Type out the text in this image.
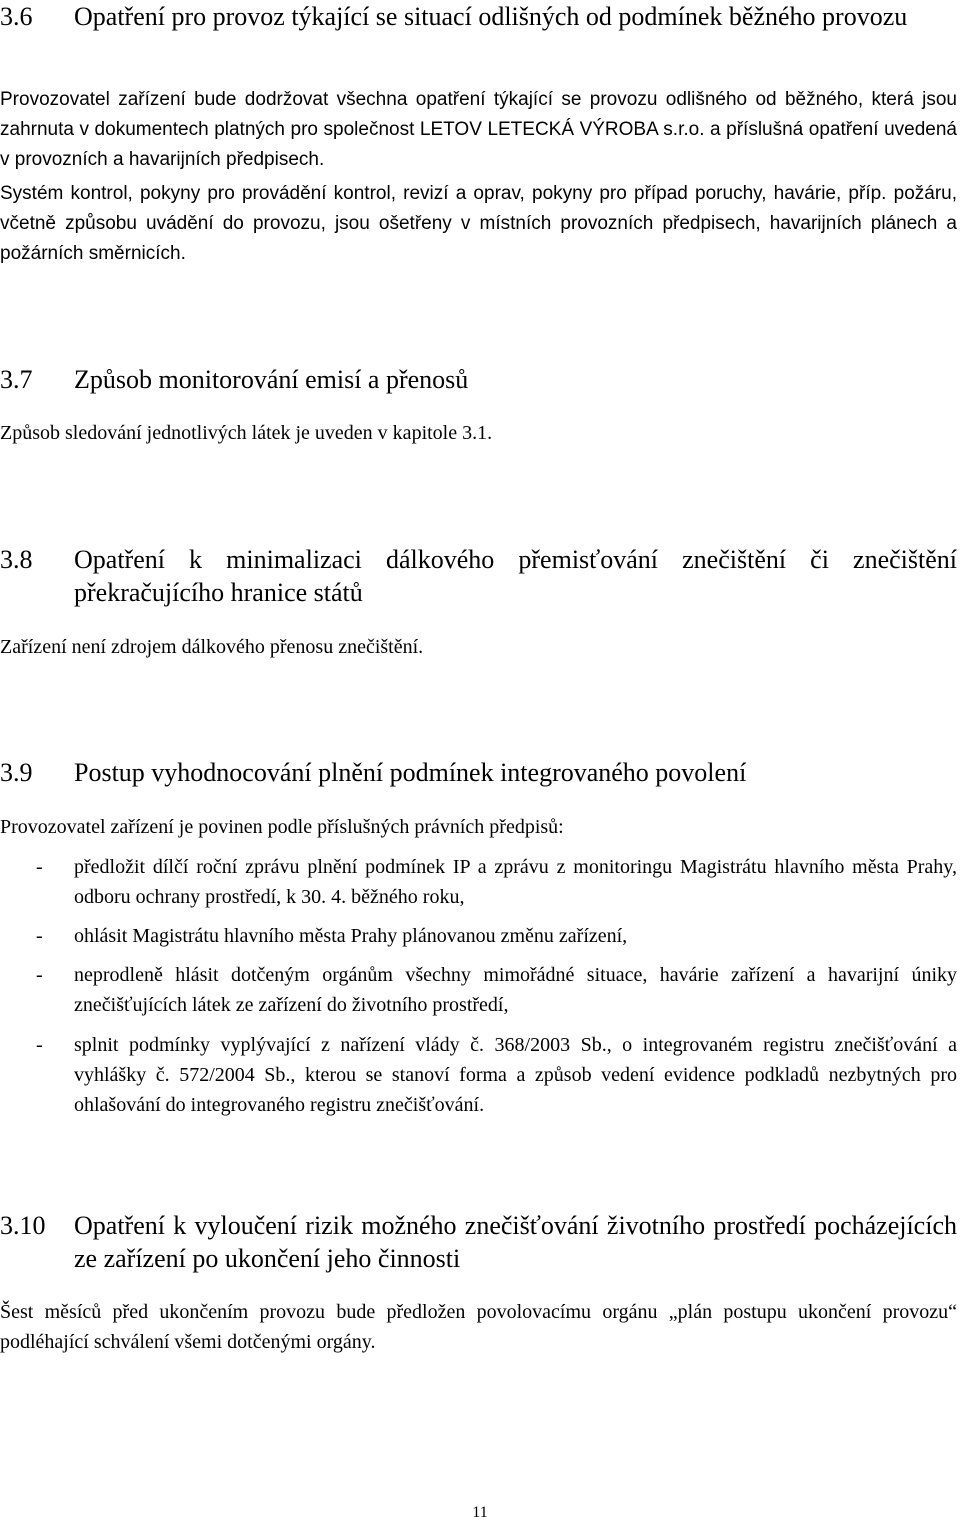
3.6	Opatření pro provoz týkající se situací odlišných od podmínek běžného provozu
Provozovatel zařízení bude dodržovat všechna opatření týkající se provozu odlišného od běžného, která jsou zahrnuta v dokumentech platných pro společnost LETOV LETECKÁ VÝROBA s.r.o. a příslušná opatření uvedená v provozních a havarijních předpisech.
Systém kontrol, pokyny pro provádění kontrol, revizí a oprav, pokyny pro případ poruchy, havárie, příp. požáru, včetně způsobu uvádění do provozu, jsou ošetřeny v místních provozních předpisech, havarijních plánech a požárních směrnicích.
3.7	Způsob monitorování emisí a přenosů
Způsob sledování jednotlivých látek je uveden v kapitole 3.1.
3.8	Opatření k minimalizaci dálkového přemisťování znečištění či znečištění překračujícího hranice států
Zařízení není zdrojem dálkového přenosu znečištění.
3.9	Postup vyhodnocování plnění podmínek integrovaného povolení
Provozovatel zařízení je povinen podle příslušných právních předpisů:
-	předložit dílčí roční zprávu plnění podmínek IP a zprávu z monitoringu Magistrátu hlavního města Prahy, odboru ochrany prostředí, k 30. 4. běžného roku,
-	ohlásit Magistrátu hlavního města Prahy plánovanou změnu zařízení,
-	neprodleně hlásit dotčeným orgánům všechny mimořádné situace, havárie zařízení a havarijní úniky znečišťujících látek ze zařízení do životního prostředí,
-	splnit podmínky vyplývající z nařízení vlády č. 368/2003 Sb., o integrovaném registru znečišťování a vyhlášky č. 572/2004 Sb., kterou se stanoví forma a způsob vedení evidence podkladů nezbytných pro ohlašování do integrovaného registru znečišťování.
3.10	Opatření k vyloučení rizik možného znečišťování životního prostředí pocházejících ze zařízení po ukončení jeho činnosti
Šest měsíců před ukončením provozu bude předložen povolovacímu orgánu „plán postupu ukončení provozu“ podléhající schválení všemi dotčenými orgány.
11
